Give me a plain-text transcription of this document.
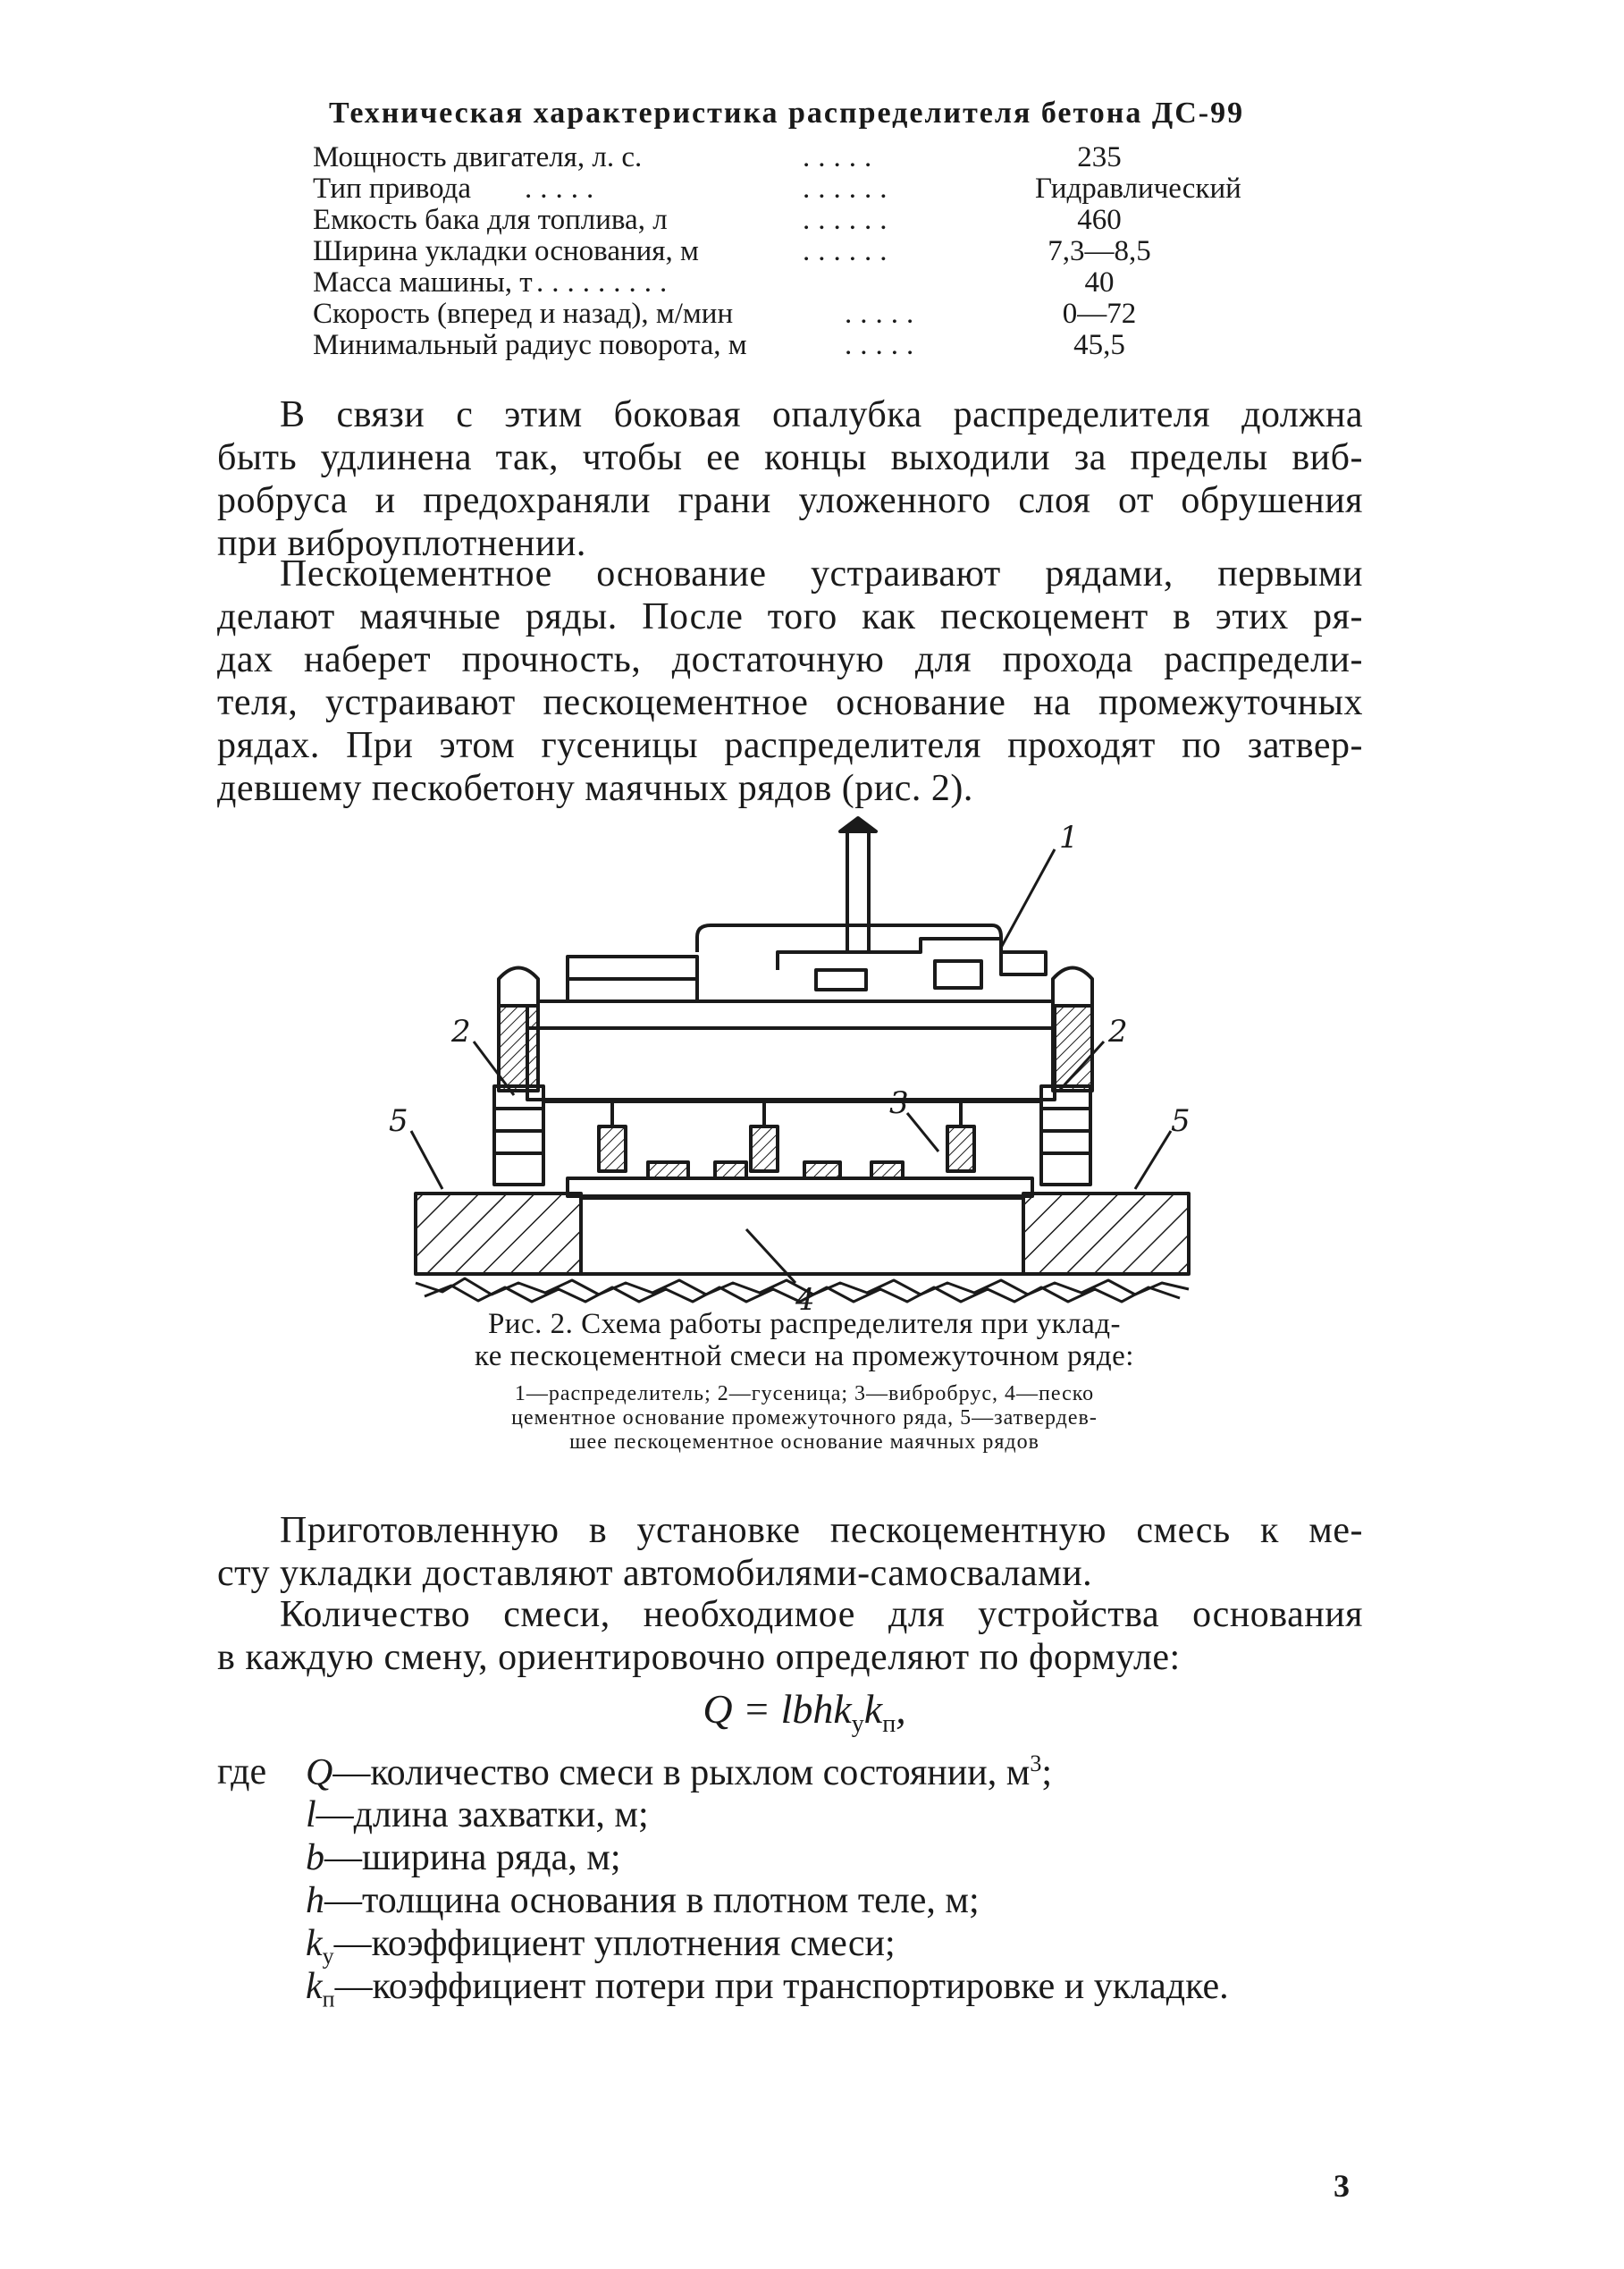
Техническая характеристика распределителя бетона ДС-99
Мощность двигателя, л. с.	.....	235
Тип привода .....	......	Гидравлический
Емкость бака для топлива, л	......	460
Ширина укладки основания, м	......	7,3—8,5
Масса машины, т .........	40
Скорость (вперед и назад), м/мин	.....	0—72
Минимальный радиус поворота, м	.....	45,5
В связи с этим боковая опалубка распределителя должна
быть удлинена так, чтобы ее концы выходили за пределы виб-
робруса и предохраняли грани уложенного слоя от обрушения
при виброуплотнении.
Пескоцементное основание устраивают рядами, первыми
делают маячные ряды. После того как пескоцемент в этих ря-
дах наберет прочность, достаточную для прохода распредели-
теля, устраивают пескоцементное основание на промежуточных
рядах. При этом гусеницы распределителя проходят по затвер-
девшему пескобетону маячных рядов (рис. 2).
1
2	2
3
4
5	5
Рис. 2. Схема работы распределителя при уклад-
ке пескоцементной смеси на промежуточном ряде:
1—распределитель; 2—гусеница; 3—вибробрус, 4—песко
цементное основание промежуточного ряда, 5—затвердев-
шее пескоцементное основание маячных рядов
Приготовленную в установке пескоцементную смесь к ме-
сту укладки доставляют автомобилями-самосвалами.
Количество смеси, необходимое для устройства основания
в каждую смену, ориентировочно определяют по формуле:
$Q = lbhk_уk_п$,
где Q—количество смеси в рыхлом состоянии, $м^3$;
l—длина захватки, м;
b—ширина ряда, м;
h—толщина основания в плотном теле, м;
$k_у—коэффициент$ уплотнения смеси;
$k_п—коэффициент$ потери при транспортировке и укладке.
3
